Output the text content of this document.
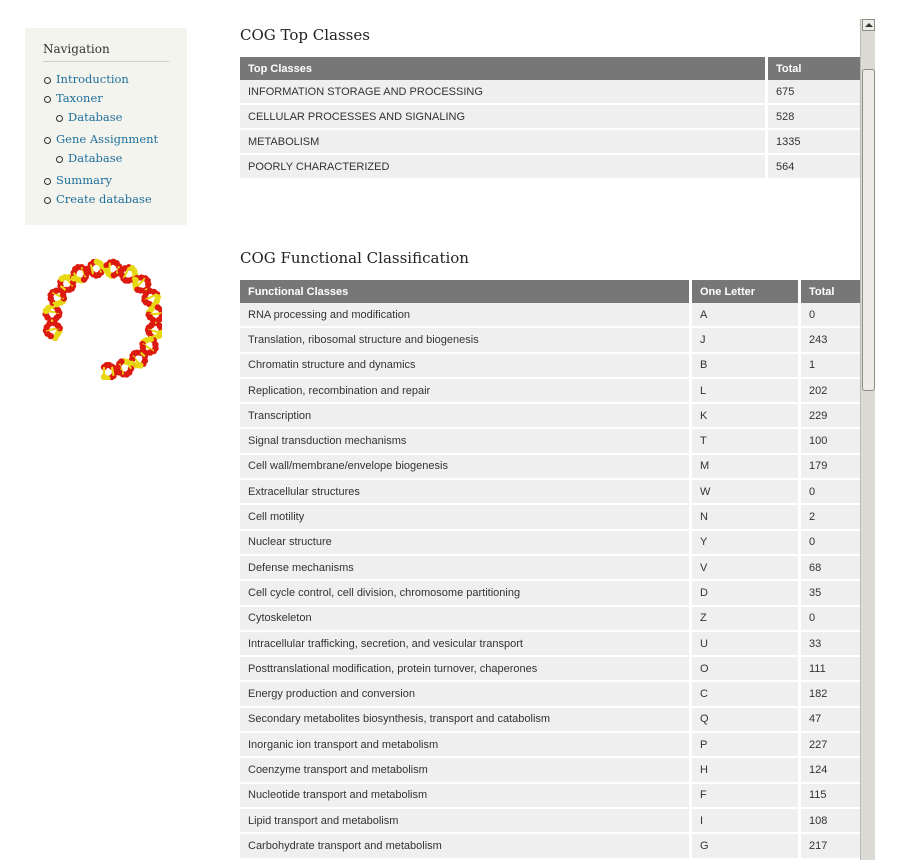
Navigation
Introduction
Taxoner
Database
Gene Assignment
Database
Summary
Create database
COG Top Classes
Top Classes	Total
INFORMATION STORAGE AND PROCESSING	675
CELLULAR PROCESSES AND SIGNALING	528
METABOLISM	1335
POORLY CHARACTERIZED	564
COG Functional Classification
Functional Classes	One Letter	Total
RNA processing and modification	A	0
Translation, ribosomal structure and biogenesis	J	243
Chromatin structure and dynamics	B	1
Replication, recombination and repair	L	202
Transcription	K	229
Signal transduction mechanisms	T	100
Cell wall/membrane/envelope biogenesis	M	179
Extracellular structures	W	0
Cell motility	N	2
Nuclear structure	Y	0
Defense mechanisms	V	68
Cell cycle control, cell division, chromosome partitioning	D	35
Cytoskeleton	Z	0
Intracellular trafficking, secretion, and vesicular transport	U	33
Posttranslational modification, protein turnover, chaperones	O	111
Energy production and conversion	C	182
Secondary metabolites biosynthesis, transport and catabolism	Q	47
Inorganic ion transport and metabolism	P	227
Coenzyme transport and metabolism	H	124
Nucleotide transport and metabolism	F	115
Lipid transport and metabolism	I	108
Carbohydrate transport and metabolism	G	217
